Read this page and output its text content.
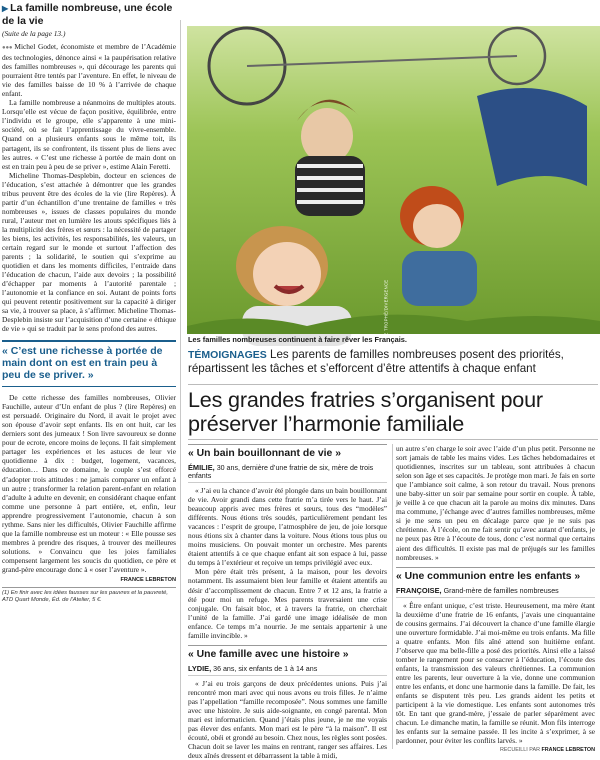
▶ La famille nombreuse, une école de la vie
(Suite de la page 13.)

●●● Michel Godet, économiste et membre de l’Académie des technologies, dénonce ainsi « la paupérisation relative des familles nombreuses », qui décourage les parents qui pourraient être tentés par l’aventure. En effet, le niveau de vie des familles baisse de 10 % à l’arrivée de chaque enfant.

La famille nombreuse a néanmoins de multiples atouts. Lorsqu’elle est vécue de façon positive, équilibrée, entre l’individu et le groupe, elle s’apparente à une mini-société, où se fait l’apprentissage du vivre-ensemble. Quand on a plusieurs enfants sous le même toit, ils partagent, ils se confrontent, ils tissent plus de liens avec les autres. « C’est une richesse à portée de main dont on est en train peu à peu de se priver », estime Alain Feretti.

Micheline Thomas-Desplebin, docteur en sciences de l’éducation, s’est attachée à démontrer que les grandes tribus peuvent être des écoles de la vie (lire Repères). À partir d’un échantillon d’une trentaine de familles « très nombreuses », issues de classes populaires du monde rural, l’auteur met en lumière les atouts spécifiques liés à la multiplicité des frères et sœurs : la nécessité de partager les biens, les activités, les responsabilités, les valeurs, un certain regard sur le monde et surtout l’affection des parents ; la solidarité, le soutien qui s’exprime au quotidien et dans les moments difficiles, l’entraide dans l’éducation de chacun, l’aide aux devoirs ; la possibilité d’échapper par moments à l’autorité parentale ; l’autonomie et la confiance en soi. Autant de points forts qui peuvent retentir positivement sur la capacité à diriger sa vie, à trouver sa place, à s’affirmer. Micheline Thomas-Desplebin insiste sur l’acquisition d’une certaine « éthique de vie » qui se traduit par le sens profond des autres.

« C’est une richesse à portée de main dont on est en train peu à peu de se priver. »

De cette richesse des familles nombreuses, Olivier Fauchille, auteur d’Un enfant de plus ? (lire Repères) en est persuadé. Originaire du Nord, il avait le projet avec son épouse d’avoir sept enfants. Ils en ont huit, car les derniers sont des jumeaux ! Son livre savoureux se donne pour de ecrote, encore moins de leçons. Il fait simplement partager les expériences et les astuces de leur vie quotidienne à dix : budget, logement, vacances, éducation… Dans ce domaine, le couple s’est efforcé d’adopter trois attitudes : ne jamais comparer un enfant à un autre ; transformer la relation parent-enfant en relation d’adulte à adulte en devenir, en considérant chaque enfant comme une personne à part entière, et, enfin, leur apprendre progressivement l’autonomie, chacun à son rythme. Sans nier les difficultés, Olivier Fauchille affirme que la famille nombreuse est un moteur : « Elle pousse ses membres à prendre des risques, à trouver des meilleures solutions. » Convaincu que les joies familiales compensent largement les soucis du quotidien, ce père et grand-père encourage donc à « oser l’aventure ».

FRANCE LEBRETON
(1) En finir avec les idées fausses sur les pauvres et la pauvreté, ATD Quart Monde, Éd. de l’Atelier, 5 €.
STÉPHANE TROPHÉ/DIVERGENCE
Les familles nombreuses continuent à faire rêver les Français.
TÉMOIGNAGES Les parents de familles nombreuses posent des priorités, répartissent les tâches et s’efforcent d’être attentifs à chaque enfant
Les grandes fratries s’organisent pour préserver l’harmonie familiale
« Un bain bouillonnant de vie »
ÉMILIE, 30 ans, dernière d’une fratrie de six, mère de trois enfants

« J’ai eu la chance d’avoir été plongée dans un bain bouillonnant de vie. Avoir grandi dans cette fratrie m’a tirée vers le haut. J’ai beaucoup appris avec mes frères et sœurs, tous des “modèles” différents. Nous étions très soudés, particulièrement pendant les vacances : l’esprit de groupe, l’atmosphère de jeu, de joie lorsque nous étions six à chanter dans la voiture. Nous étions tous plus ou moins musiciens. On pouvait monter un orchestre. Mes parents étaient attentifs à ce que chaque enfant ait son espace à lui, passe du temps à l’extérieur et reçoive un temps privilégié avec eux.

Mon père était très présent, à la maison, pour les devoirs notamment. Ils assumaient bien leur famille et étaient attentifs au désir d’accomplissement de chacun. Entre 7 et 12 ans, la fratrie a été pour moi un refuge. Mes parents traversaient une crise conjugale. On faisait bloc, et à travers la fratrie, on cherchait l’unité de la famille. J’ai gardé une image idéalisée de mon enfance. Ce temps m’a nourrie. Je me sentais appartenir à une famille invincible. »

« Une famille avec une histoire »
LYDIE, 36 ans, six enfants de 1 à 14 ans

« J’ai eu trois garçons de deux précédentes unions. Puis j’ai rencontré mon mari avec qui nous avons eu trois filles. Je n’aime pas l’appellation “famille recomposée”. Nous sommes une famille avec une histoire. Je suis aide-soignante, en congé parental. Mon mari est informaticien. Quand j’étais plus jeune, je ne me voyais pas élever des enfants. Mon mari est le père “à la maison”. Il est écouté, obéi et grondé au besoin. Chez nous, les règles sont posées. Chacun doit se laver les mains en rentrant, ranger ses affaires. Les deux aînés dressent et débarrassent la table à midi,

un autre s’en charge le soir avec l’aide d’un plus petit. Personne ne sort jamais de table les mains vides. Les tâches hebdomadaires et quotidiennes, inscrites sur un tableau, sont attribuées à chacun selon son âge et ses capacités. Je protège mon mari. Je fais en sorte que l’ambiance soit calme, à son retour du travail. Nous prenons une baby-sitter un soir par semaine pour sortir en couple. À table, je veille à ce que chacun ait la parole au moins dix minutes. Dans ma commune, j’échange avec d’autres familles nombreuses, même si je me sens un peu en décalage parce que je ne suis pas chrétienne. À l’école, on me fait sentir qu’avec autant d’enfants, je ne peux pas être à l’écoute de tous, donc c’est normal que certains aient des difficultés. Il existe pas mal de préjugés sur les familles nombreuses. »

« Une communion entre les enfants »
FRANÇOISE, Grand-mère de familles nombreuses

« Être enfant unique, c’est triste. Heureusement, ma mère étant la deuxième d’une fratrie de 16 enfants, j’avais une cinquantaine de cousins germains. J’ai découvert la chance d’une famille élargie une ouverture formidable. J’ai moi-même eu trois enfants. Ma fille a quatre enfants. Mon fils aîné attend son huitième enfant. J’observe que ma belle-fille a posé des priorités. Ainsi elle a laissé tomber le rangement pour se consacrer à l’éducation, l’écoute des enfants, la transmission des valeurs chrétiennes. La communion entre les parents, leur ouverture à la vie, donne une communion entre les enfants, et donc une harmonie dans la famille. De fait, les enfants se disputent très peu. Les grands aident les petits et participent à la vie domestique. Les enfants sont autonomes très tôt. En tant que grand-mère, j’essaie de parler séparément avec chacun. Le dimanche matin, la famille se réunit. Mon fils interroge les enfants sur la semaine passée. Il les incite à s’exprimer, à se pardonner, pour éviter les conflits larvés. »

RECUEILLI PAR FRANCE LEBRETON
